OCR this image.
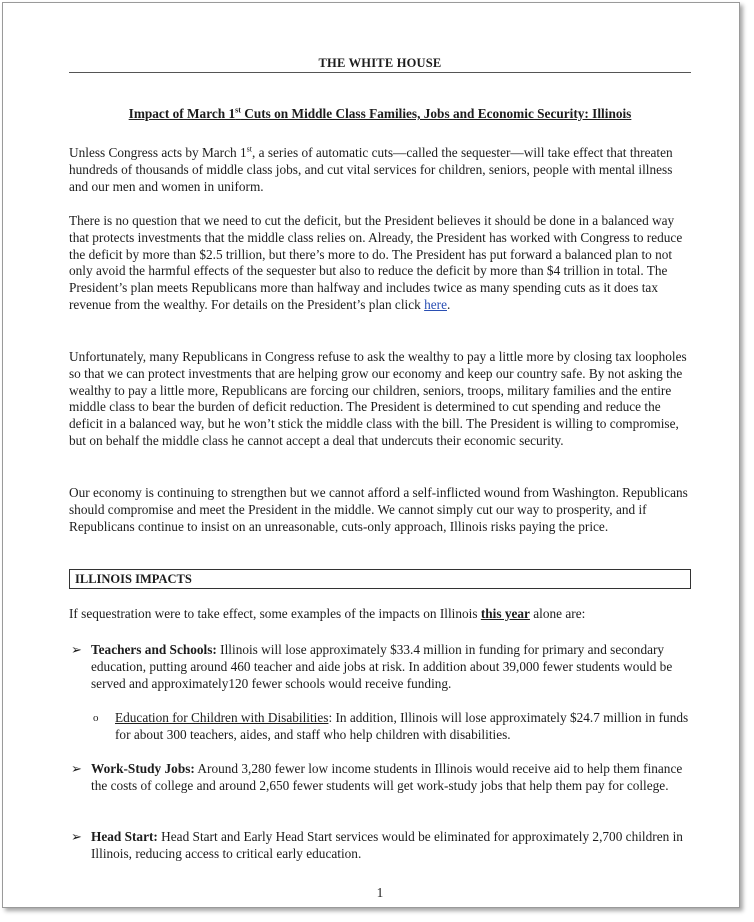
THE WHITE HOUSE
Impact of March 1st Cuts on Middle Class Families, Jobs and Economic Security: Illinois

Unless Congress acts by March 1st, a series of automatic cuts—called the sequester—will take effect that threaten hundreds of thousands of middle class jobs, and cut vital services for children, seniors, people with mental illness and our men and women in uniform.

There is no question that we need to cut the deficit, but the President believes it should be done in a balanced way that protects investments that the middle class relies on. Already, the President has worked with Congress to reduce the deficit by more than $2.5 trillion, but there’s more to do. The President has put forward a balanced plan to not only avoid the harmful effects of the sequester but also to reduce the deficit by more than $4 trillion in total. The President’s plan meets Republicans more than halfway and includes twice as many spending cuts as it does tax revenue from the wealthy. For details on the President’s plan click here.

Unfortunately, many Republicans in Congress refuse to ask the wealthy to pay a little more by closing tax loopholes so that we can protect investments that are helping grow our economy and keep our country safe. By not asking the wealthy to pay a little more, Republicans are forcing our children, seniors, troops, military families and the entire middle class to bear the burden of deficit reduction. The President is determined to cut spending and reduce the deficit in a balanced way, but he won’t stick the middle class with the bill. The President is willing to compromise, but on behalf the middle class he cannot accept a deal that undercuts their economic security.

Our economy is continuing to strengthen but we cannot afford a self-inflicted wound from Washington. Republicans should compromise and meet the President in the middle. We cannot simply cut our way to prosperity, and if Republicans continue to insist on an unreasonable, cuts-only approach, Illinois risks paying the price.

ILLINOIS IMPACTS

If sequestration were to take effect, some examples of the impacts on Illinois this year alone are:

➢ Teachers and Schools: Illinois will lose approximately $33.4 million in funding for primary and secondary education, putting around 460 teacher and aide jobs at risk. In addition about 39,000 fewer students would be served and approximately120 fewer schools would receive funding.
o Education for Children with Disabilities: In addition, Illinois will lose approximately $24.7 million in funds for about 300 teachers, aides, and staff who help children with disabilities.
➢ Work-Study Jobs: Around 3,280 fewer low income students in Illinois would receive aid to help them finance the costs of college and around 2,650 fewer students will get work-study jobs that help them pay for college.
➢ Head Start: Head Start and Early Head Start services would be eliminated for approximately 2,700 children in Illinois, reducing access to critical early education.
1
